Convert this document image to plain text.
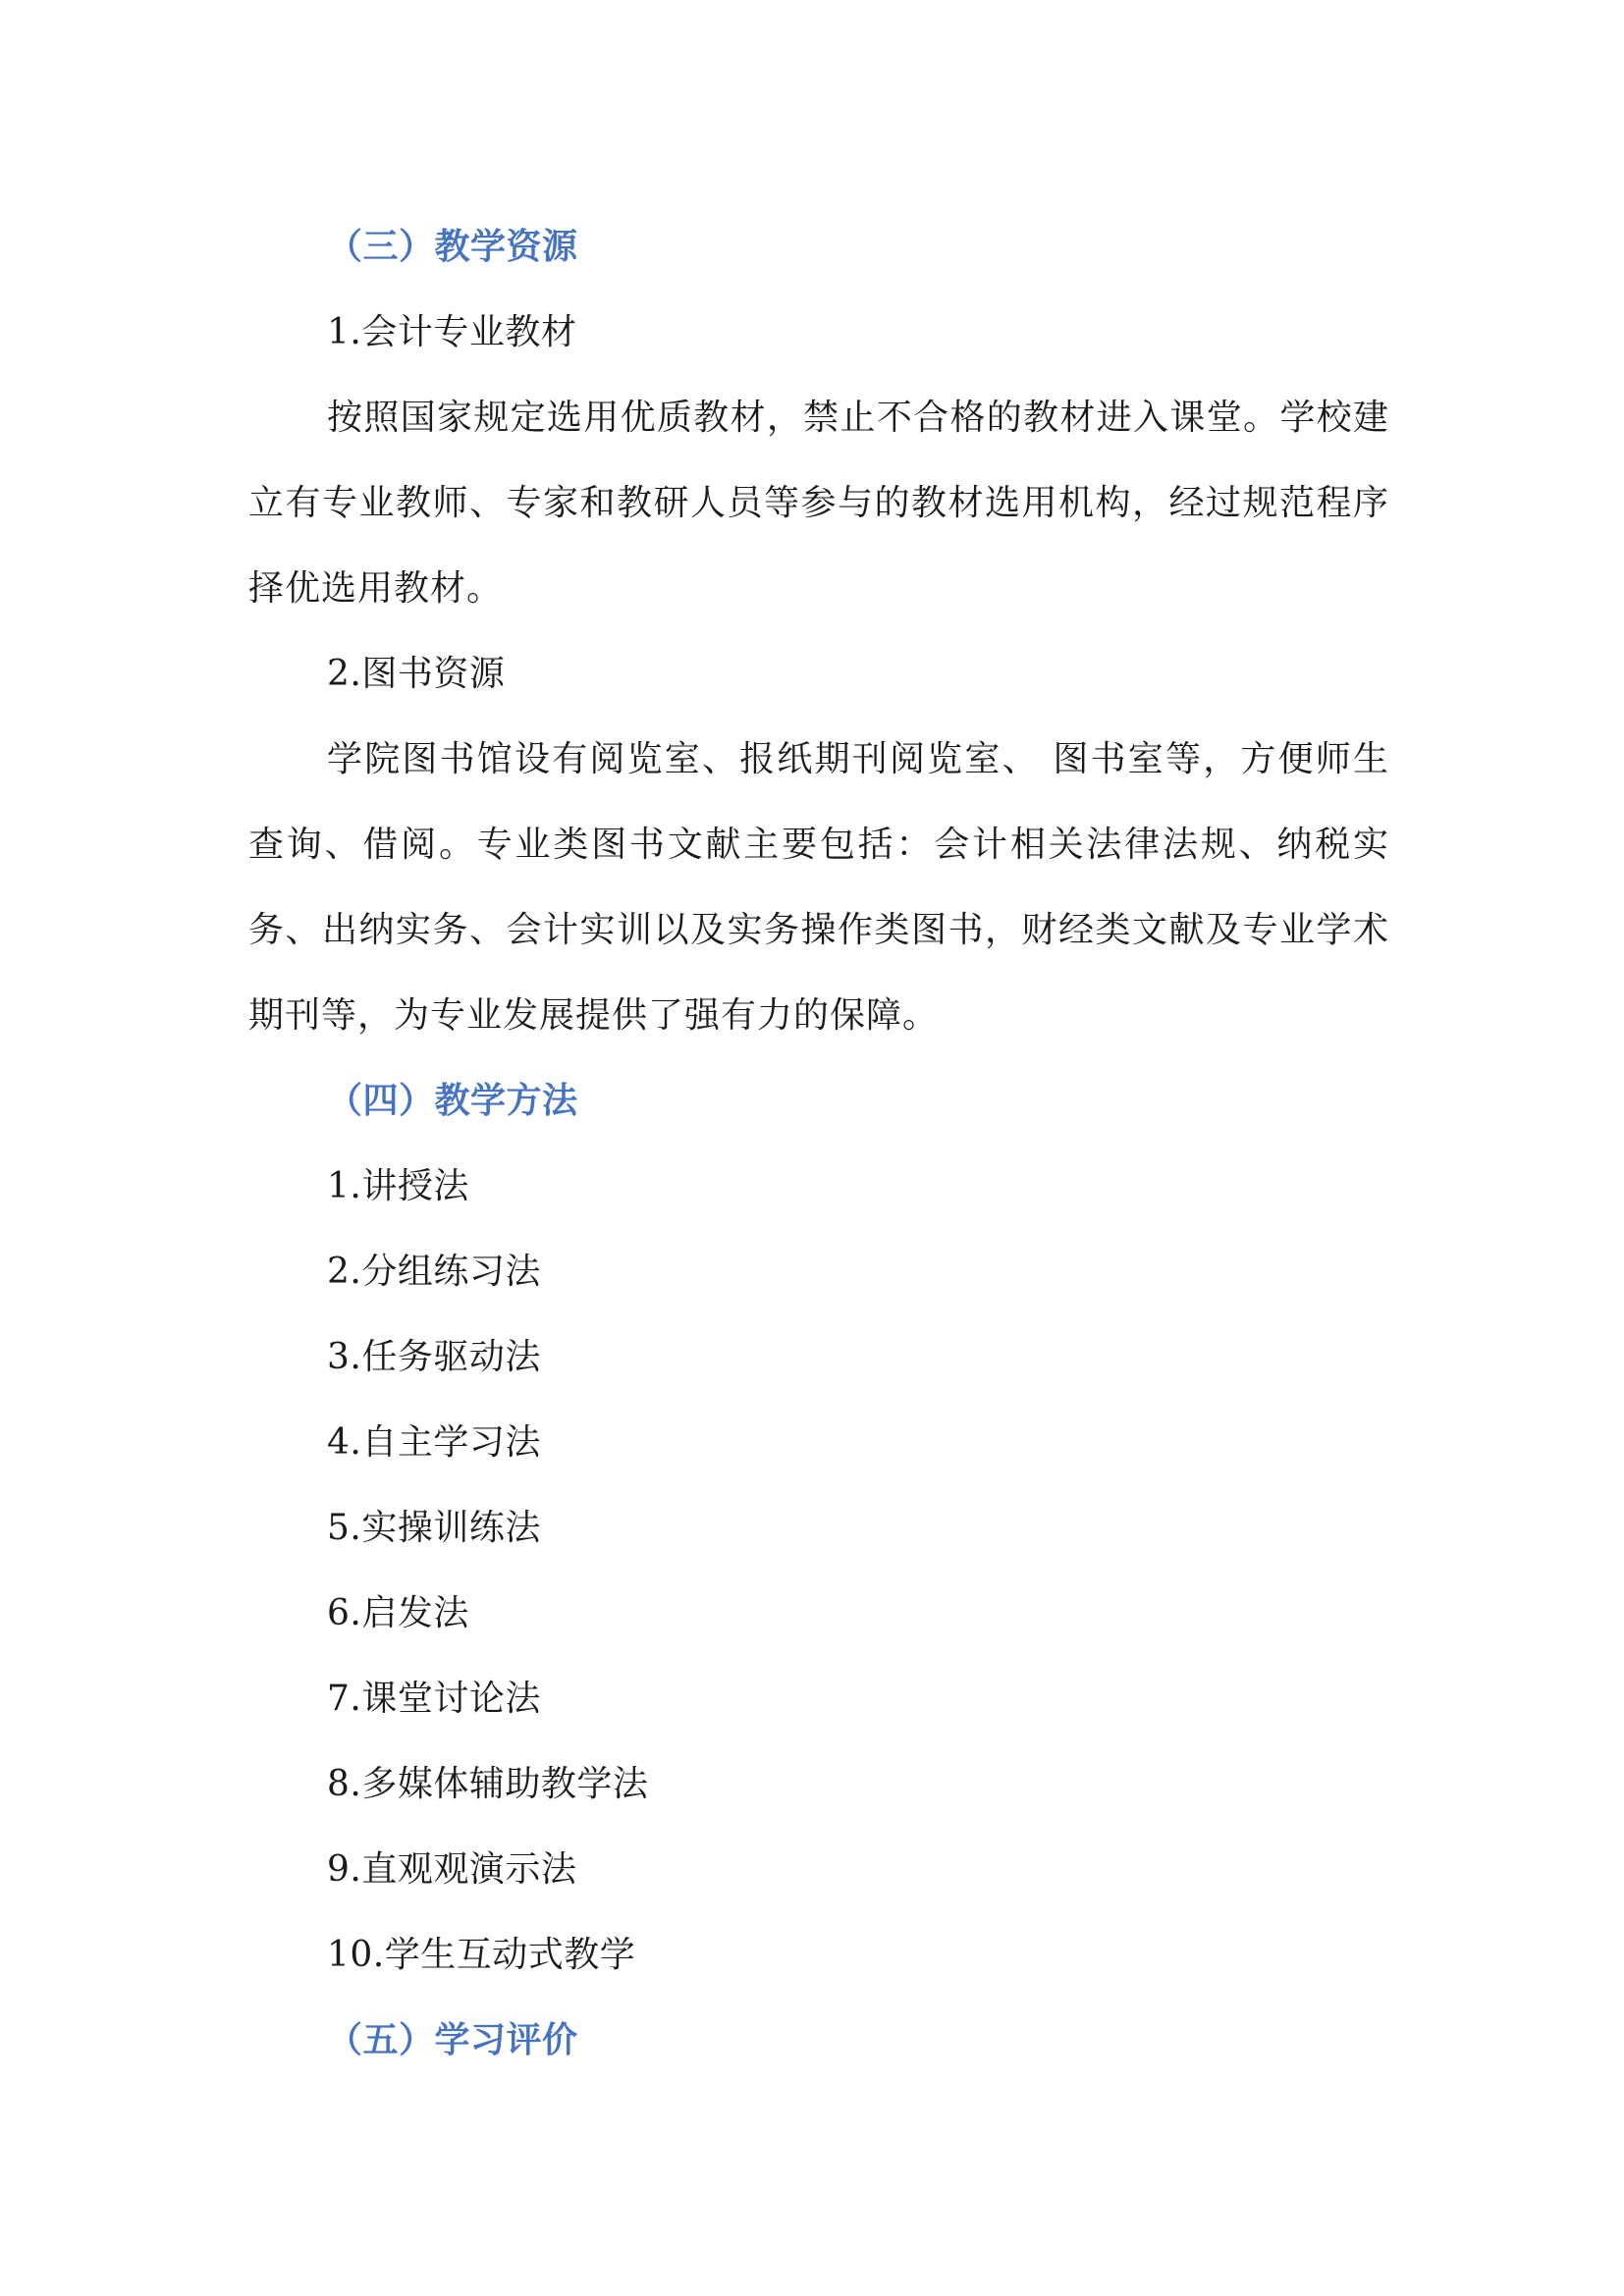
（三）教学资源
1.会计专业教材
按照国家规定选用优质教材，禁止不合格的教材进入课堂。学校建立有专业教师、专家和教研人员等参与的教材选用机构，经过规范程序择优选用教材。
2.图书资源
学院图书馆设有阅览室、报纸期刊阅览室、 图书室等，方便师生查询、借阅。专业类图书文献主要包括：会计相关法律法规、纳税实务、出纳实务、会计实训以及实务操作类图书，财经类文献及专业学术期刊等，为专业发展提供了强有力的保障。
（四）教学方法
1.讲授法
2.分组练习法
3.任务驱动法
4.自主学习法
5.实操训练法
6.启发法
7.课堂讨论法
8.多媒体辅助教学法
9.直观观演示法
10.学生互动式教学
（五）学习评价
